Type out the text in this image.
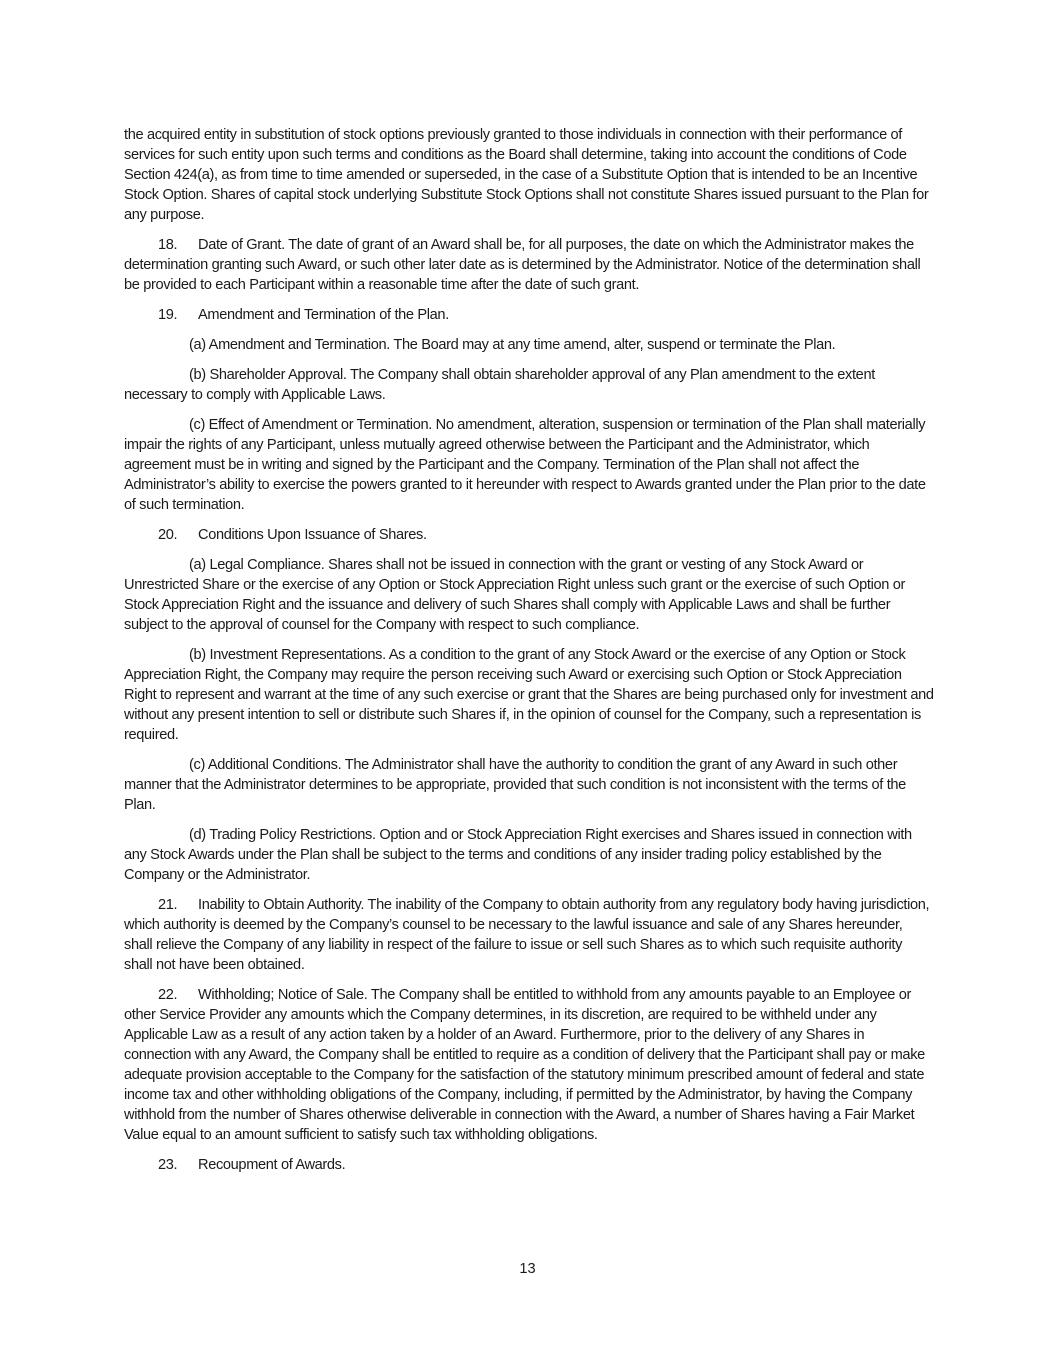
the acquired entity in substitution of stock options previously granted to those individuals in connection with their performance of services for such entity upon such terms and conditions as the Board shall determine, taking into account the conditions of Code Section 424(a), as from time to time amended or superseded, in the case of a Substitute Option that is intended to be an Incentive Stock Option. Shares of capital stock underlying Substitute Stock Options shall not constitute Shares issued pursuant to the Plan for any purpose.

18. Date of Grant. The date of grant of an Award shall be, for all purposes, the date on which the Administrator makes the determination granting such Award, or such other later date as is determined by the Administrator. Notice of the determination shall be provided to each Participant within a reasonable time after the date of such grant.

19. Amendment and Termination of the Plan.

(a) Amendment and Termination. The Board may at any time amend, alter, suspend or terminate the Plan.

(b) Shareholder Approval. The Company shall obtain shareholder approval of any Plan amendment to the extent necessary to comply with Applicable Laws.

(c) Effect of Amendment or Termination. No amendment, alteration, suspension or termination of the Plan shall materially impair the rights of any Participant, unless mutually agreed otherwise between the Participant and the Administrator, which agreement must be in writing and signed by the Participant and the Company. Termination of the Plan shall not affect the Administrator’s ability to exercise the powers granted to it hereunder with respect to Awards granted under the Plan prior to the date of such termination.

20. Conditions Upon Issuance of Shares.

(a) Legal Compliance. Shares shall not be issued in connection with the grant or vesting of any Stock Award or Unrestricted Share or the exercise of any Option or Stock Appreciation Right unless such grant or the exercise of such Option or Stock Appreciation Right and the issuance and delivery of such Shares shall comply with Applicable Laws and shall be further subject to the approval of counsel for the Company with respect to such compliance.

(b) Investment Representations. As a condition to the grant of any Stock Award or the exercise of any Option or Stock Appreciation Right, the Company may require the person receiving such Award or exercising such Option or Stock Appreciation Right to represent and warrant at the time of any such exercise or grant that the Shares are being purchased only for investment and without any present intention to sell or distribute such Shares if, in the opinion of counsel for the Company, such a representation is required.

(c) Additional Conditions. The Administrator shall have the authority to condition the grant of any Award in such other manner that the Administrator determines to be appropriate, provided that such condition is not inconsistent with the terms of the Plan.

(d) Trading Policy Restrictions. Option and or Stock Appreciation Right exercises and Shares issued in connection with any Stock Awards under the Plan shall be subject to the terms and conditions of any insider trading policy established by the Company or the Administrator.

21. Inability to Obtain Authority. The inability of the Company to obtain authority from any regulatory body having jurisdiction, which authority is deemed by the Company’s counsel to be necessary to the lawful issuance and sale of any Shares hereunder, shall relieve the Company of any liability in respect of the failure to issue or sell such Shares as to which such requisite authority shall not have been obtained.

22. Withholding; Notice of Sale. The Company shall be entitled to withhold from any amounts payable to an Employee or other Service Provider any amounts which the Company determines, in its discretion, are required to be withheld under any Applicable Law as a result of any action taken by a holder of an Award. Furthermore, prior to the delivery of any Shares in connection with any Award, the Company shall be entitled to require as a condition of delivery that the Participant shall pay or make adequate provision acceptable to the Company for the satisfaction of the statutory minimum prescribed amount of federal and state income tax and other withholding obligations of the Company, including, if permitted by the Administrator, by having the Company withhold from the number of Shares otherwise deliverable in connection with the Award, a number of Shares having a Fair Market Value equal to an amount sufficient to satisfy such tax withholding obligations.

23. Recoupment of Awards.

13
